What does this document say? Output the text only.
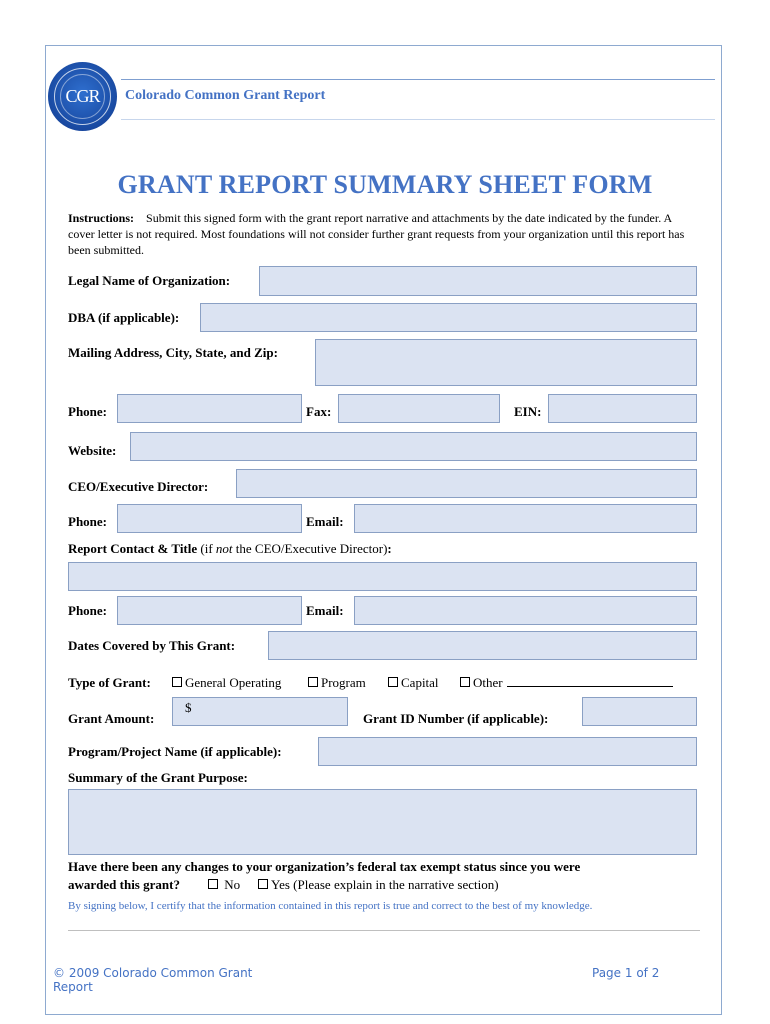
CGR	Colorado Common Grant Report
GRANT REPORT SUMMARY SHEET FORM
Instructions: Submit this signed form with the grant report narrative and attachments by the date indicated by the funder. A cover letter is not required. Most foundations will not consider further grant requests from your organization until this report has been submitted.
Legal Name of Organization:
DBA (if applicable):
Mailing Address, City, State, and Zip:
Phone:	Fax:	EIN:
Website:
CEO/Executive Director:
Phone:	Email:
Report Contact & Title (if not the CEO/Executive Director):
Phone:	Email:
Dates Covered by This Grant:
Type of Grant:	General Operating	Program	Capital	Other
Grant Amount:
$
Grant ID Number (if applicable):
Program/Project Name (if applicable):
Summary of the Grant Purpose:
Have there been any changes to your organization’s federal tax exempt status since you were
awarded this grant?	No	Yes (Please explain in the narrative section)
By signing below, I certify that the information contained in this report is true and correct to the best of my knowledge.
© 2009 Colorado Common Grant
Report
Page 1 of 2
